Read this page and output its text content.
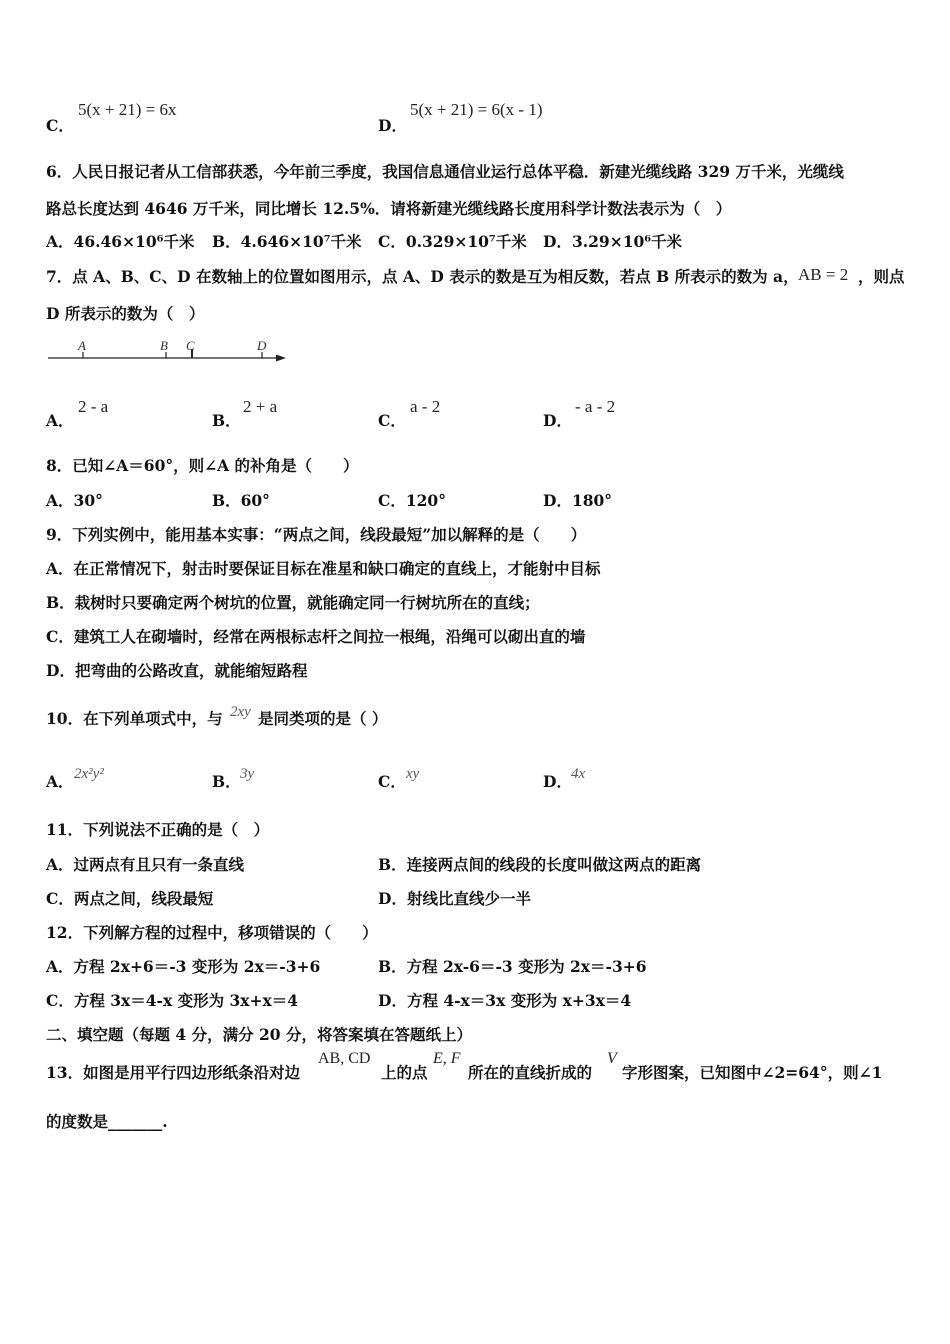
C．
5(x + 21) = 6x
D．
5(x + 21) = 6(x - 1)
6．人民日报记者从工信部获悉，今年前三季度，我国信息通信业运行总体平稳．新建光缆线路 329 万千米，光缆线
路总长度达到 4646 万千米，同比增长 12.5%．请将新建光缆线路长度用科学计数法表示为（　）
A．46.46×10⁶千米 B．4.646×10⁷千米 C．0.329×10⁷千米 D．3.29×10⁶千米
7．点 A、B、C、D 在数轴上的位置如图用示，点 A、D 表示的数是互为相反数，若点 B 所表示的数为 a， AB = 2 ，则点
D 所表示的数为（　）
A	B C	D
A．
2 - a
B．
2 + a
C．
a - 2
D．
- a - 2
8．已知∠A＝60°，则∠A 的补角是（　　）
A．30°	B．60°	C．120°	D．180°
9．下列实例中，能用基本实事：“两点之间，线段最短”加以解释的是（　　）
A．在正常情况下，射击时要保证目标在准星和缺口确定的直线上，才能射中目标
B．栽树时只要确定两个树坑的位置，就能确定同一行树坑所在的直线；
C．建筑工人在砌墙时，经常在两根标志杆之间拉一根绳，沿绳可以砌出直的墙
D．把弯曲的公路改直，就能缩短路程
10．在下列单项式中，与 2xy 是同类项的是（ ）
A． 2x²y²	B． 3y	C． xy	D． 4x
11．下列说法不正确的是（　）
A．过两点有且只有一条直线	B．连接两点间的线段的长度叫做这两点的距离
C．两点之间，线段最短	D．射线比直线少一半
12．下列解方程的过程中，移项错误的（　　）
A．方程 2x+6＝-3 变形为 2x＝-3+6	B．方程 2x-6＝-3 变形为 2x＝-3+6
C．方程 3x＝4-x 变形为 3x+x＝4	D．方程 4-x＝3x 变形为 x+3x＝4
二、填空题（每题 4 分，满分 20 分，将答案填在答题纸上）
13．如图是用平行四边形纸条沿对边
AB, CD
上的点
E, F
所在的直线折成的
V
字形图案，已知图中∠2=64°，则∠1
的度数是_______.
